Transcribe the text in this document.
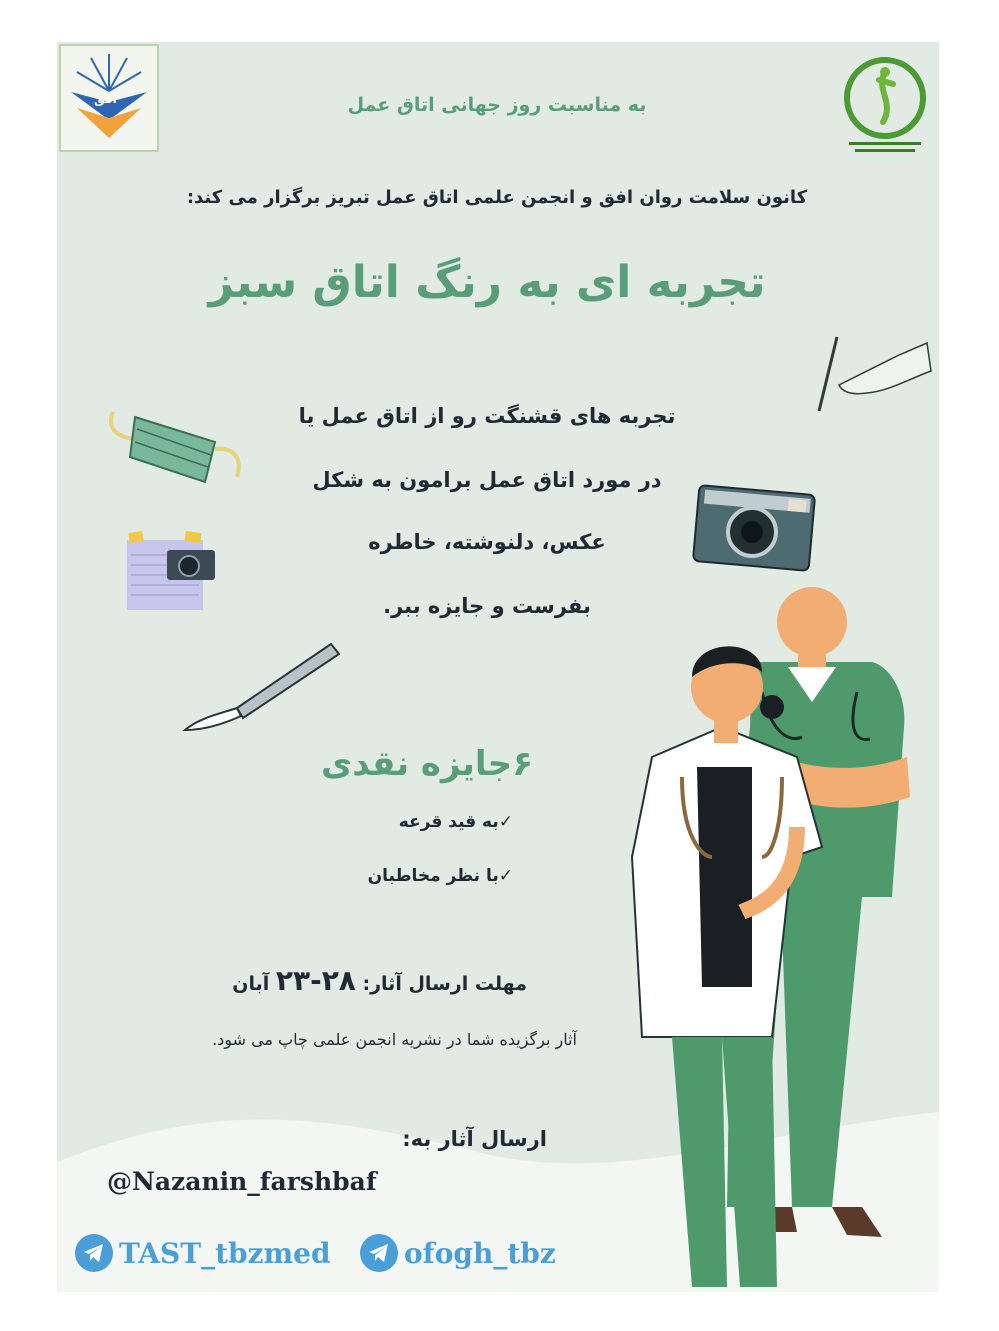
افق	به مناسبت روز جهانی اتاق عمل
کانون سلامت روان افق و انجمن علمی اتاق عمل تبریز برگزار می کند:
تجربه ای به رنگ اتاق سبز
تجربه های قشنگت رو از اتاق عمل یا
در مورد اتاق عمل برامون به شکل
عکس، دلنوشته، خاطره
بفرست و جایزه ببر.
۶جایزه نقدی
✓به قید قرعه
✓با نظر مخاطبان
مهلت ارسال آثار: ۲۸-۲۳ آبان
آثار برگزیده شما در نشریه انجمن علمی چاپ می شود.
ارسال آثار به:
@Nazanin_farshbaf
TAST_tbzmed	ofogh_tbz
